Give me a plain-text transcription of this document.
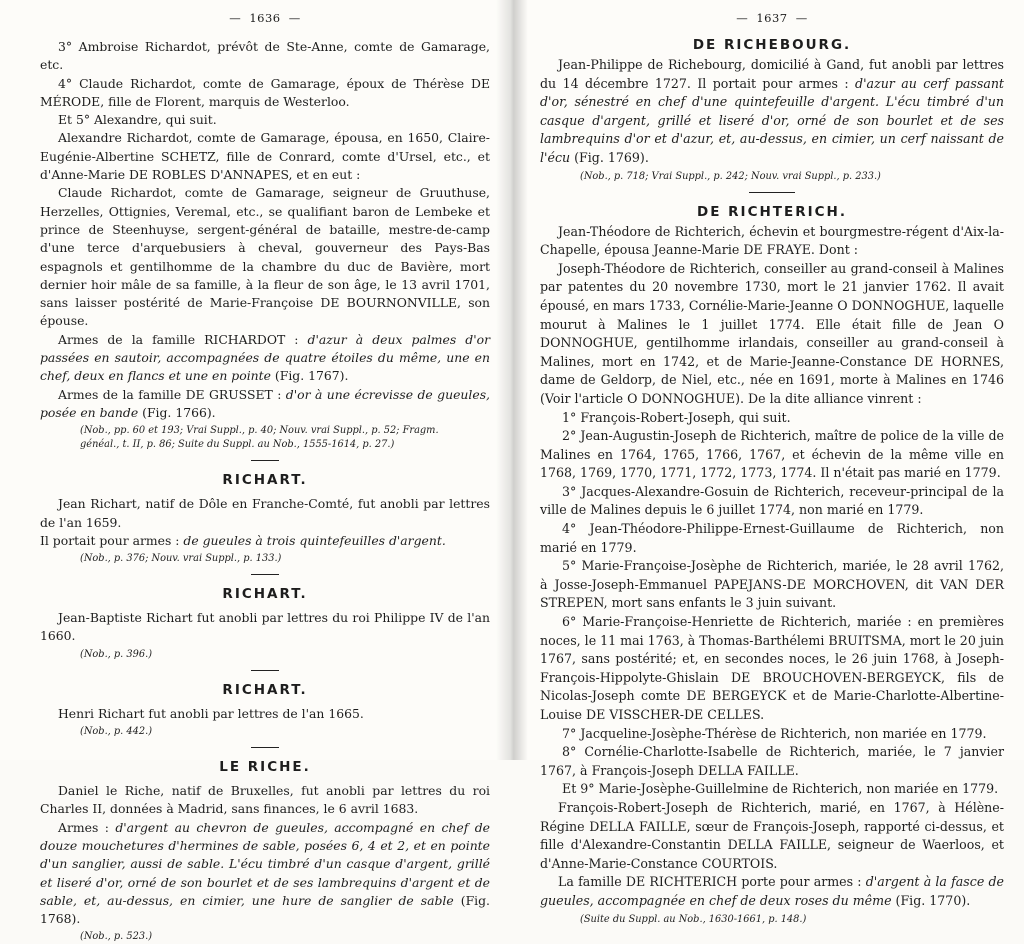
— 1636 —

3° Ambroise Richardot, prévôt de Ste-Anne, comte de Gamarage, etc.

4° Claude Richardot, comte de Gamarage, époux de Thérèse DE MÉRODE, fille de Florent, marquis de Westerloo.

Et 5° Alexandre, qui suit.

Alexandre Richardot, comte de Gamarage, épousa, en 1650, Claire-Eugénie-Albertine SCHETZ, fille de Conrard, comte d'Ursel, etc., et d'Anne-Marie DE ROBLES D'ANNAPES, et en eut :

Claude Richardot, comte de Gamarage, seigneur de Gruuthuse, Herzelles, Ottignies, Veremal, etc., se qualifiant baron de Lembeke et prince de Steenhuyse, sergent-général de bataille, mestre-de-camp d'une terce d'arquebusiers à cheval, gouverneur des Pays-Bas espagnols et gentilhomme de la chambre du duc de Bavière, mort dernier hoir mâle de sa famille, à la fleur de son âge, le 13 avril 1701, sans laisser postérité de Marie-Françoise DE BOURNONVILLE, son épouse.

Armes de la famille RICHARDOT : d'azur à deux palmes d'or passées en sautoir, accompagnées de quatre étoiles du même, une en chef, deux en flancs et une en pointe (Fig. 1767).

Armes de la famille DE GRUSSET : d'or à une écrevisse de gueules, posée en bande (Fig. 1766).

(Nob., pp. 60 et 193; Vrai Suppl., p. 40; Nouv. vrai Suppl., p. 52; Fragm. généal., t. II, p. 86; Suite du Suppl. au Nob., 1555-1614, p. 27.)

RICHART.

Jean Richart, natif de Dôle en Franche-Comté, fut anobli par lettres de l'an 1659.

Il portait pour armes : de gueules à trois quintefeuilles d'argent.

(Nob., p. 376; Nouv. vrai Suppl., p. 133.)

RICHART.

Jean-Baptiste Richart fut anobli par lettres du roi Philippe IV de l'an 1660.

(Nob., p. 396.)

RICHART.

Henri Richart fut anobli par lettres de l'an 1665.

(Nob., p. 442.)

LE RICHE.

Daniel le Riche, natif de Bruxelles, fut anobli par lettres du roi Charles II, données à Madrid, sans finances, le 6 avril 1683.

Armes : d'argent au chevron de gueules, accompagné en chef de douze mouchetures d'hermines de sable, posées 6, 4 et 2, et en pointe d'un sanglier, aussi de sable. L'écu timbré d'un casque d'argent, grillé et liseré d'or, orné de son bourlet et de ses lambrequins d'argent et de sable, et, au-dessus, en cimier, une hure de sanglier de sable (Fig. 1768).

(Nob., p. 523.)

— 1637 —
DE RICHEBOURG.

Jean-Philippe de Richebourg, domicilié à Gand, fut anobli par lettres du 14 décembre 1727. Il portait pour armes : d'azur au cerf passant d'or, sénestré en chef d'une quintefeuille d'argent. L'écu timbré d'un casque d'argent, grillé et liseré d'or, orné de son bourlet et de ses lambrequins d'or et d'azur, et, au-dessus, en cimier, un cerf naissant de l'écu (Fig. 1769).

(Nob., p. 718; Vrai Suppl., p. 242; Nouv. vrai Suppl., p. 233.)

DE RICHTERICH.

Jean-Théodore de Richterich, échevin et bourgmestre-régent d'Aix-la-Chapelle, épousa Jeanne-Marie DE FRAYE. Dont :

Joseph-Théodore de Richterich, conseiller au grand-conseil à Malines par patentes du 20 novembre 1730, mort le 21 janvier 1762. Il avait épousé, en mars 1733, Cornélie-Marie-Jeanne O DONNOGHUE, laquelle mourut à Malines le 1 juillet 1774. Elle était fille de Jean O DONNOGHUE, gentilhomme irlandais, conseiller au grand-conseil à Malines, mort en 1742, et de Marie-Jeanne-Constance DE HORNES, dame de Geldorp, de Niel, etc., née en 1691, morte à Malines en 1746 (Voir l'article O DONNOGHUE). De la dite alliance vinrent :

1° François-Robert-Joseph, qui suit.

2° Jean-Augustin-Joseph de Richterich, maître de police de la ville de Malines en 1764, 1765, 1766, 1767, et échevin de la même ville en 1768, 1769, 1770, 1771, 1772, 1773, 1774. Il n'était pas marié en 1779.

3° Jacques-Alexandre-Gosuin de Richterich, receveur-principal de la ville de Malines depuis le 6 juillet 1774, non marié en 1779.

4° Jean-Théodore-Philippe-Ernest-Guillaume de Richterich, non marié en 1779.

5° Marie-Françoise-Josèphe de Richterich, mariée, le 28 avril 1762, à Josse-Joseph-Emmanuel PAPEJANS-DE MORCHOVEN, dit VAN DER STREPEN, mort sans enfants le 3 juin suivant.

6° Marie-Françoise-Henriette de Richterich, mariée : en premières noces, le 11 mai 1763, à Thomas-Barthélemi BRUITSMA, mort le 20 juin 1767, sans postérité; et, en secondes noces, le 26 juin 1768, à Joseph-François-Hippolyte-Ghislain DE BROUCHOVEN-BERGEYCK, fils de Nicolas-Joseph comte DE BERGEYCK et de Marie-Charlotte-Albertine-Louise DE VISSCHER-DE CELLES.

7° Jacqueline-Josèphe-Thérèse de Richterich, non mariée en 1779.

8° Cornélie-Charlotte-Isabelle de Richterich, mariée, le 7 janvier 1767, à François-Joseph DELLA FAILLE.

Et 9° Marie-Josèphe-Guillelmine de Richterich, non mariée en 1779.

François-Robert-Joseph de Richterich, marié, en 1767, à Hélène-Régine DELLA FAILLE, sœur de François-Joseph, rapporté ci-dessus, et fille d'Alexandre-Constantin DELLA FAILLE, seigneur de Waerloos, et d'Anne-Marie-Constance COURTOIS.

La famille DE RICHTERICH porte pour armes : d'argent à la fasce de gueules, accompagnée en chef de deux roses du même (Fig. 1770).

(Suite du Suppl. au Nob., 1630-1661, p. 148.)
